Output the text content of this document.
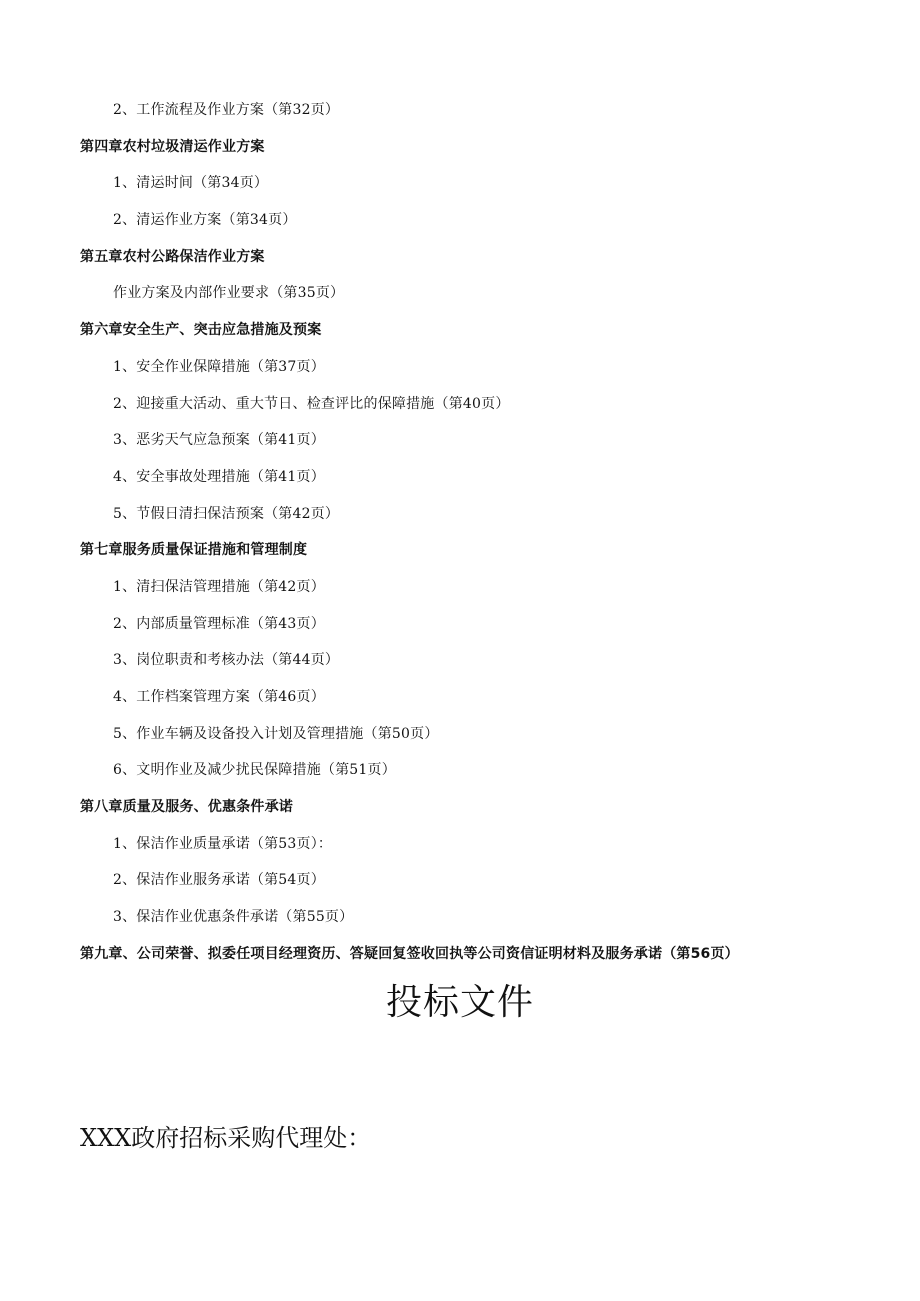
2、工作流程及作业方案（第32页）
第四章农村垃圾清运作业方案
1、清运时间（第34页）
2、清运作业方案（第34页）
第五章农村公路保洁作业方案
作业方案及内部作业要求（第35页）
第六章安全生产、突击应急措施及预案
1、安全作业保障措施（第37页）
2、迎接重大活动、重大节日、检查评比的保障措施（第40页）
3、恶劣天气应急预案（第41页）
4、安全事故处理措施（第41页）
5、节假日清扫保洁预案（第42页）
第七章服务质量保证措施和管理制度
1、清扫保洁管理措施（第42页）
2、内部质量管理标准（第43页）
3、岗位职责和考核办法（第44页）
4、工作档案管理方案（第46页）
5、作业车辆及设备投入计划及管理措施（第50页）
6、文明作业及减少扰民保障措施（第51页）
第八章质量及服务、优惠条件承诺
1、保洁作业质量承诺（第53页）：
2、保洁作业服务承诺（第54页）
3、保洁作业优惠条件承诺（第55页）
第九章、公司荣誉、拟委任项目经理资历、答疑回复签收回执等公司资信证明材料及服务承诺（第56页）
投标文件
XXX政府招标采购代理处：
